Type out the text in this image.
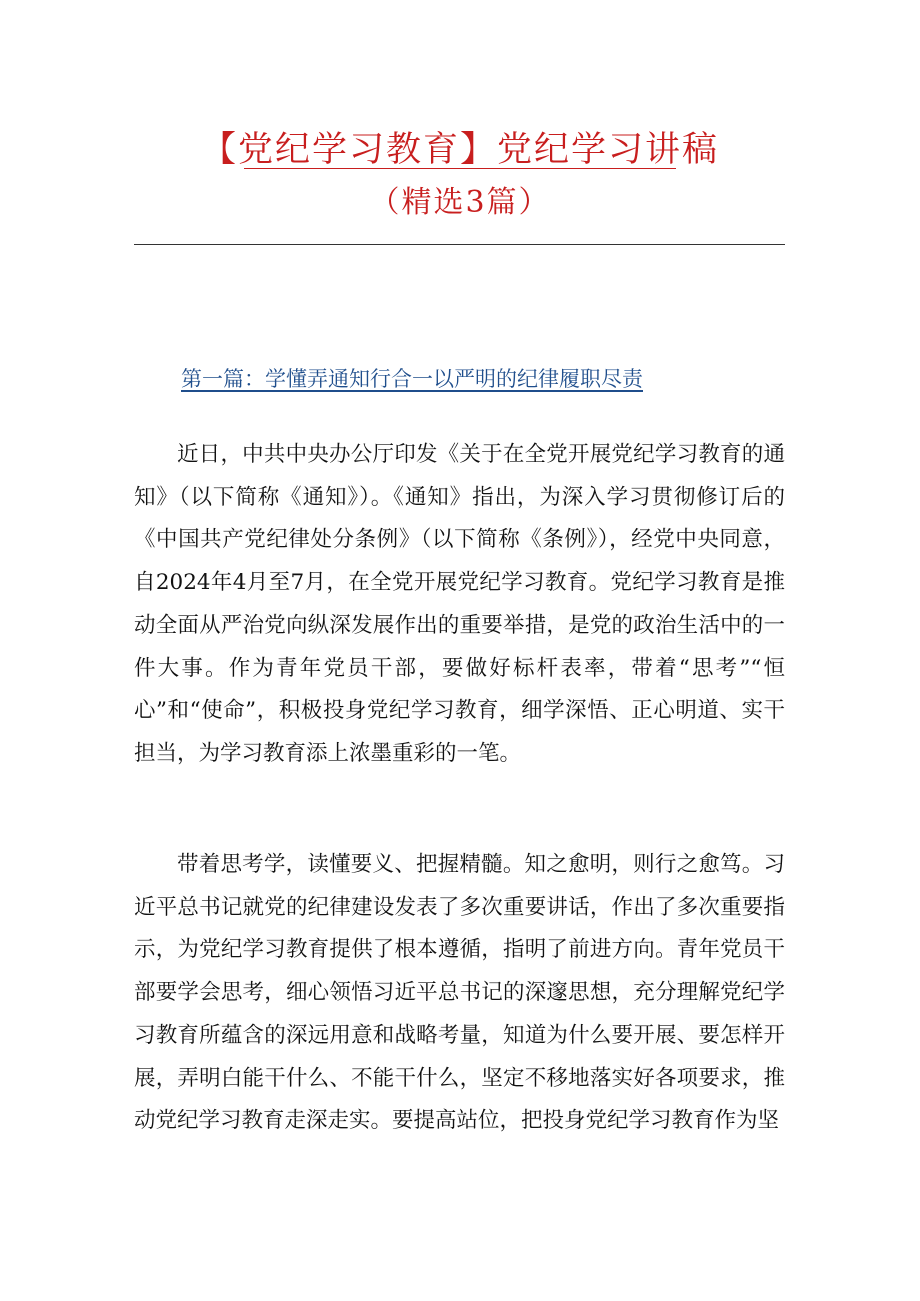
【党纪学习教育】党纪学习讲稿
（精选3篇）
第一篇：学懂弄通知行合一以严明的纪律履职尽责

近日，中共中央办公厅印发《关于在全党开展党纪学习教育的通知》（以下简称《通知》）。《通知》指出，为深入学习贯彻修订后的《中国共产党纪律处分条例》（以下简称《条例》），经党中央同意，自2024年4月至7月，在全党开展党纪学习教育。党纪学习教育是推动全面从严治党向纵深发展作出的重要举措，是党的政治生活中的一件大事。作为青年党员干部，要做好标杆表率，带着“思考”“恒心”和“使命”，积极投身党纪学习教育，细学深悟、正心明道、实干担当，为学习教育添上浓墨重彩的一笔。

带着思考学，读懂要义、把握精髓。知之愈明，则行之愈笃。习近平总书记就党的纪律建设发表了多次重要讲话，作出了多次重要指示，为党纪学习教育提供了根本遵循，指明了前进方向。青年党员干部要学会思考，细心领悟习近平总书记的深邃思想，充分理解党纪学习教育所蕴含的深远用意和战略考量，知道为什么要开展、要怎样开展，弄明白能干什么、不能干什么，坚定不移地落实好各项要求，推动党纪学习教育走深走实。要提高站位，把投身党纪学习教育作为坚
